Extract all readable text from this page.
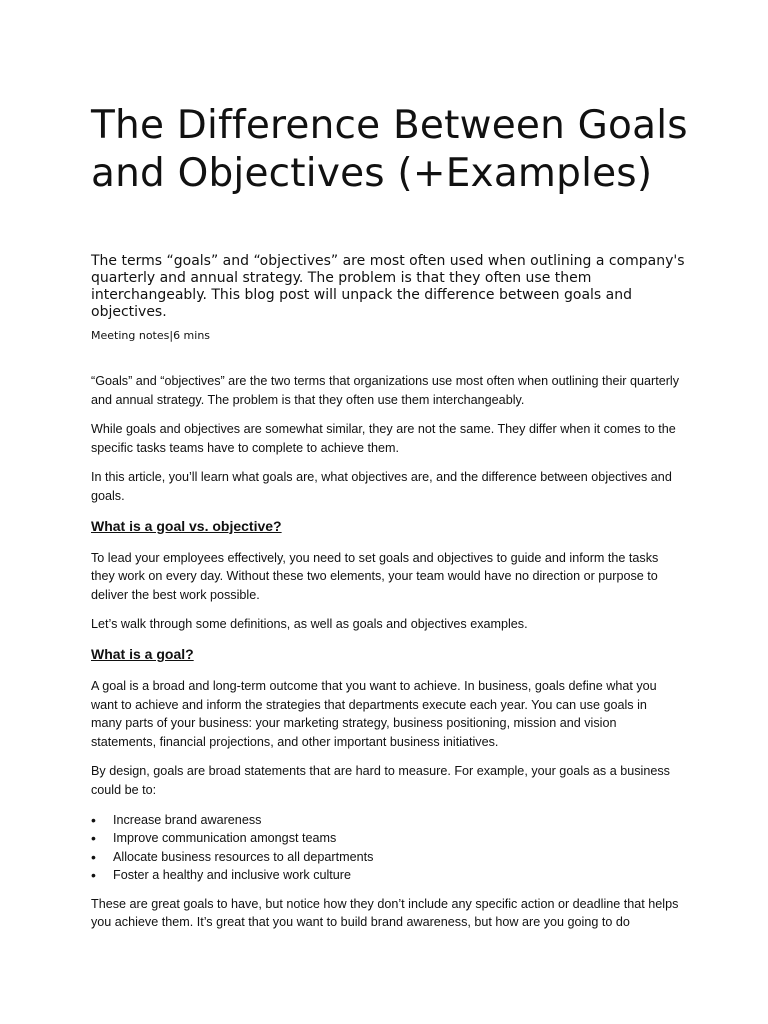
The Difference Between Goals and Objectives (+Examples)

The terms “goals” and “objectives” are most often used when outlining a company's quarterly and annual strategy. The problem is that they often use them interchangeably. This blog post will unpack the difference between goals and objectives.

Meeting notes|6 mins

“Goals” and “objectives” are the two terms that organizations use most often when outlining their quarterly and annual strategy. The problem is that they often use them interchangeably.

While goals and objectives are somewhat similar, they are not the same. They differ when it comes to the specific tasks teams have to complete to achieve them.

In this article, you’ll learn what goals are, what objectives are, and the difference between objectives and goals.

What is a goal vs. objective?

To lead your employees effectively, you need to set goals and objectives to guide and inform the tasks they work on every day. Without these two elements, your team would have no direction or purpose to deliver the best work possible.

Let’s walk through some definitions, as well as goals and objectives examples.

What is a goal?

A goal is a broad and long-term outcome that you want to achieve. In business, goals define what you want to achieve and inform the strategies that departments execute each year. You can use goals in many parts of your business: your marketing strategy, business positioning, mission and vision statements, financial projections, and other important business initiatives.

By design, goals are broad statements that are hard to measure. For example, your goals as a business could be to:

• Increase brand awareness
• Improve communication amongst teams
• Allocate business resources to all departments
• Foster a healthy and inclusive work culture

These are great goals to have, but notice how they don’t include any specific action or deadline that helps you achieve them. It’s great that you want to build brand awareness, but how are you going to do
